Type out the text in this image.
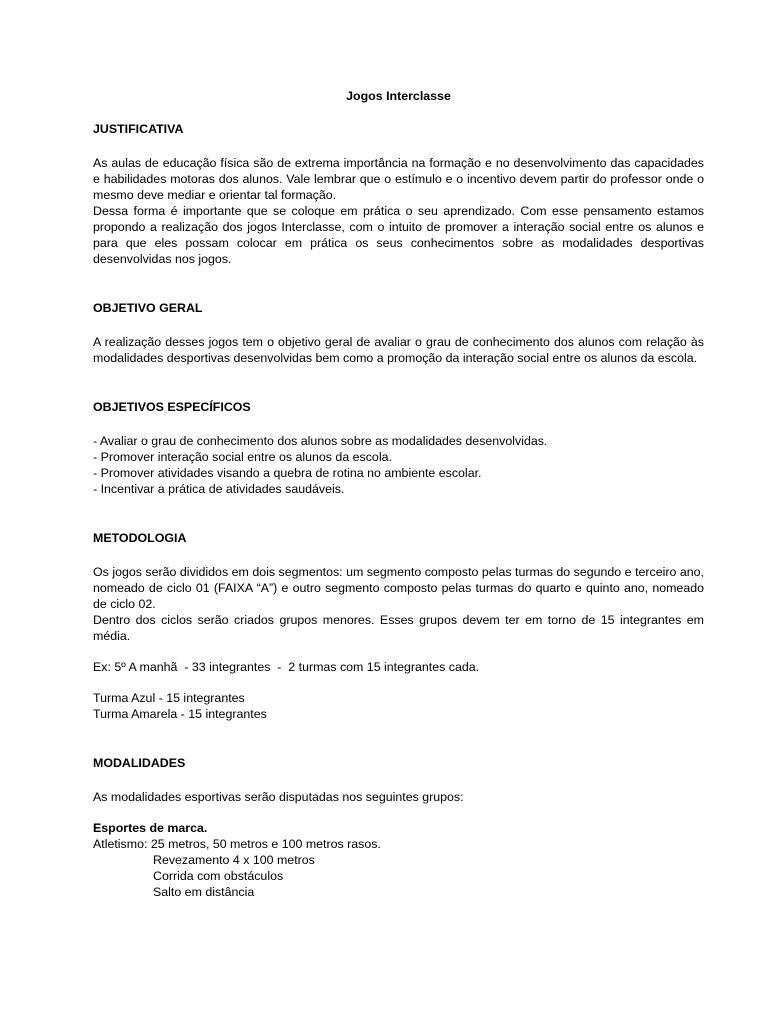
Jogos Interclasse

JUSTIFICATIVA

As aulas de educação física são de extrema importância na formação e no desenvolvimento das capacidades e habilidades motoras dos alunos. Vale lembrar que o estímulo e o incentivo devem partir do professor onde o mesmo deve mediar e orientar tal formação.

Dessa forma é importante que se coloque em prática o seu aprendizado. Com esse pensamento estamos propondo a realização dos jogos Interclasse, com o intuito de promover a interação social entre os alunos e para que eles possam colocar em prática os seus conhecimentos sobre as modalidades desportivas desenvolvidas nos jogos.

OBJETIVO GERAL

A realização desses jogos tem o objetivo geral de avaliar o grau de conhecimento dos alunos com relação às modalidades desportivas desenvolvidas bem como a promoção da interação social entre os alunos da escola.

OBJETIVOS ESPECÍFICOS

- Avaliar o grau de conhecimento dos alunos sobre as modalidades desenvolvidas.

- Promover interação social entre os alunos da escola.

- Promover atividades visando a quebra de rotina no ambiente escolar.

- Incentivar a prática de atividades saudáveis.

METODOLOGIA

Os jogos serão divididos em dois segmentos: um segmento composto pelas turmas do segundo e terceiro ano, nomeado de ciclo 01 (FAIXA “A”) e outro segmento composto pelas turmas do quarto e quinto ano, nomeado de ciclo 02.

Dentro dos ciclos serão criados grupos menores. Esses grupos devem ter em torno de 15 integrantes em média.

Ex: 5º A manhã  - 33 integrantes  -  2 turmas com 15 integrantes cada.

Turma Azul - 15 integrantes

Turma Amarela - 15 integrantes

MODALIDADES

As modalidades esportivas serão disputadas nos seguintes grupos:

Esportes de marca.

Atletismo: 25 metros, 50 metros e 100 metros rasos.

Revezamento 4 x 100 metros

Corrida com obstáculos

Salto em distância
